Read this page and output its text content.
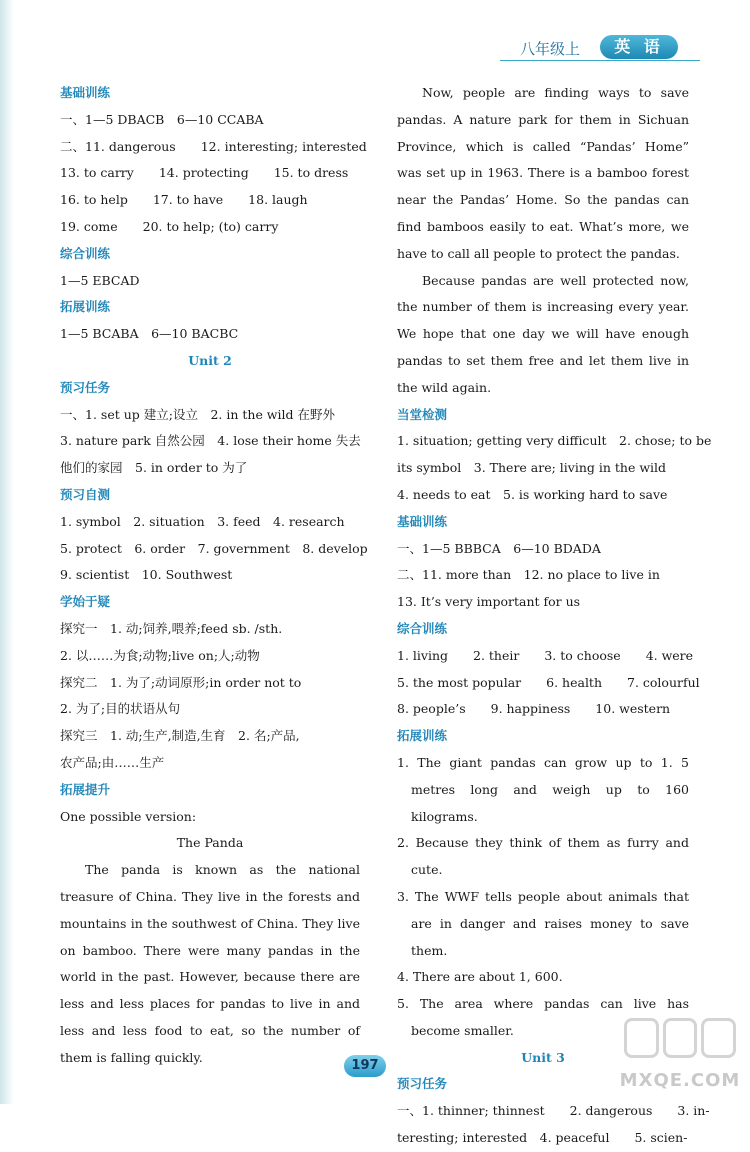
八年级上	英 语
基础训练
一、1—5 DBACB　6—10 CCABA
二、11. dangerous　　12. interesting; interested
13. to carry　　14. protecting　　15. to dress
16. to help　　17. to have　　18. laugh
19. come　　20. to help; (to) carry
综合训练
1—5 EBCAD
拓展训练
1—5 BCABA　6—10 BACBC
Unit 2
预习任务
一、1. set up 建立;设立　2. in the wild 在野外
3. nature park 自然公园　4. lose their home 失去
他们的家园　5. in order to 为了
预习自测
1. symbol　2. situation　3. feed　4. research
5. protect　6. order　7. government　8. develop
9. scientist　10. Southwest
学始于疑
探究一　1. 动;饲养,喂养;feed sb. /sth.
2. 以……为食;动物;live on;人;动物
探究二　1. 为了;动词原形;in order not to
2. 为了;目的状语从句
探究三　1. 动;生产,制造,生育　2. 名;产品,
农产品;由……生产
拓展提升
One possible version:
The Panda
The panda is known as the national treasure of China. They live in the forests and mountains in the southwest of China. They live on bamboo. There were many pandas in the world in the past. However, because there are less and less places for pandas to live in and less and less food to eat, so the number of them is falling quickly.
Now, people are finding ways to save pandas. A nature park for them in Sichuan Province, which is called “Pandas’ Home” was set up in 1963. There is a bamboo forest near the Pandas’ Home. So the pandas can find bamboos easily to eat. What’s more, we have to call all people to protect the pandas.
Because pandas are well protected now, the number of them is increasing every year. We hope that one day we will have enough pandas to set them free and let them live in the wild again.
当堂检测
1. situation; getting very difficult　2. chose; to be
its symbol　3. There are; living in the wild
4. needs to eat　5. is working hard to save
基础训练
一、1—5 BBBCA　6—10 BDADA
二、11. more than　12. no place to live in
13. It’s very important for us
综合训练
1. living　　2. their　　3. to choose　　4. were
5. the most popular　　6. health　　7. colourful
8. people’s　　9. happiness　　10. western
拓展训练
1. The giant pandas can grow up to 1. 5 metres long and weigh up to 160 kilograms.
2. Because they think of them as furry and cute.
3. The WWF tells people about animals that are in danger and raises money to save them.
4. There are about 1, 600.
5. The area where pandas can live has become smaller.
Unit 3
预习任务
一、1. thinner; thinnest　　2. dangerous　　3. in-
teresting; interested　4. peaceful　　5. scien-
197
MXQE.COM
